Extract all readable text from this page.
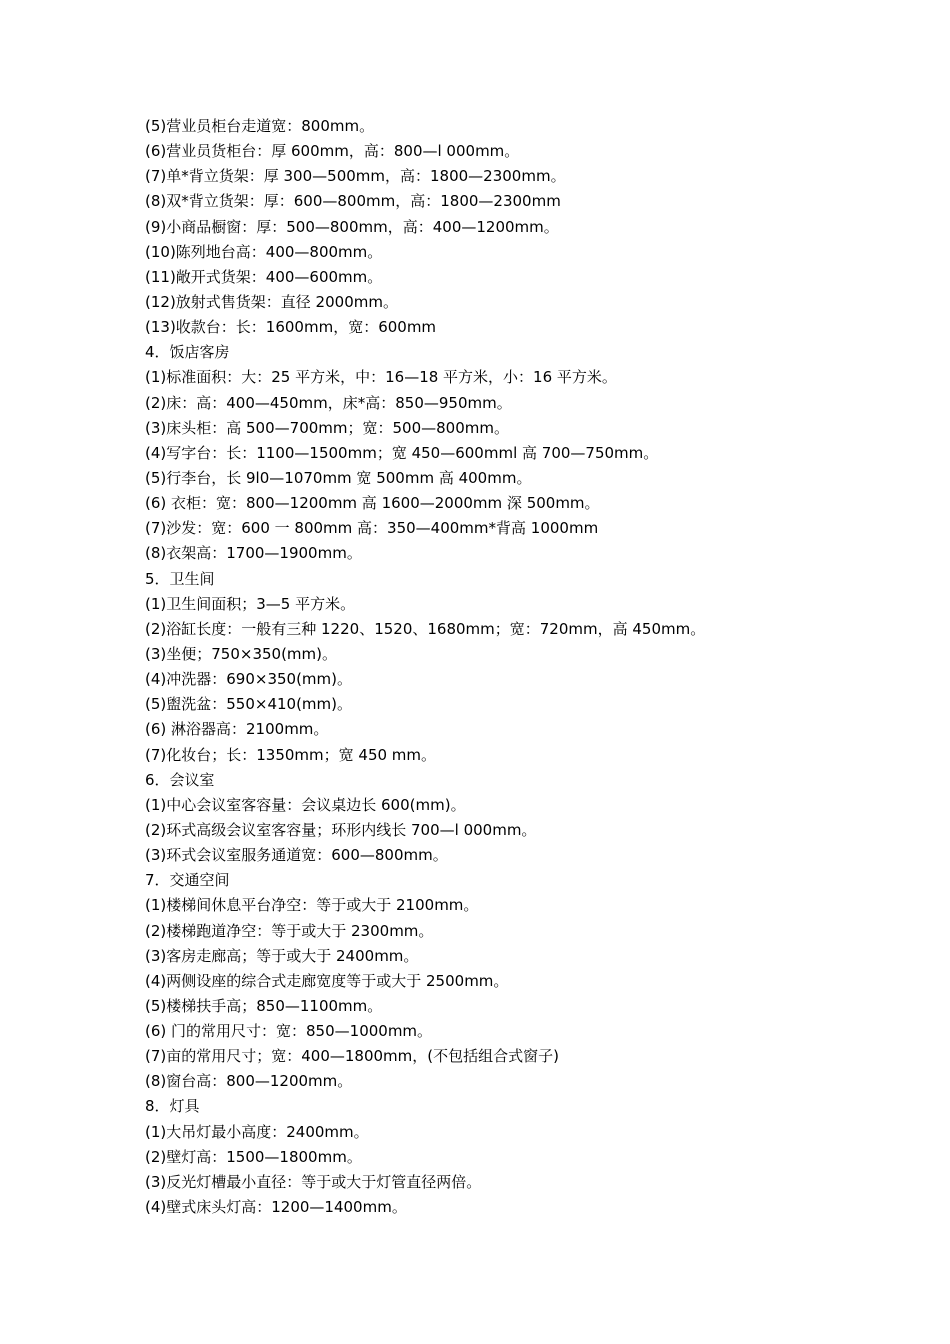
(5)营业员柜台走道宽：800mm。
(6)营业员货柜台：厚 600mm，高：800—l 000mm。
(7)单*背立货架：厚 300—500mm，高：1800—2300mm。
(8)双*背立货架：厚：600—800mm，高：1800—2300mm
(9)小商品橱窗：厚：500—800mm，高：400—1200mm。
(10)陈列地台高：400—800mm。
(11)敞开式货架：400—600mm。
(12)放射式售货架：直径 2000mm。
(13)收款台：长：1600mm，宽：600mm
4．饭店客房
(1)标准面积：大：25 平方米，中：16—18 平方米，小：16 平方米。
(2)床：高：400—450mm，床*高：850—950mm。
(3)床头柜：高 500—700mm；宽：500—800mm。
(4)写字台：长：1100—1500mm；宽 450—600mml 高 700—750mm。
(5)行李台，长 9l0—1070mm 宽 500mm 高 400mm。
(6) 衣柜：宽：800—1200mm 高 1600—2000mm 深 500mm。
(7)沙发：宽：600 一 800mm 高：350—400mm*背高 1000mm
(8)衣架高：1700—1900mm。
5．卫生间
(1)卫生间面积；3—5 平方米。
(2)浴缸长度：一般有三种 1220、1520、1680mm；宽：720mm，高 450mm。
(3)坐便；750×350(mm)。
(4)冲洗器：690×350(mm)。
(5)盥洗盆：550×410(mm)。
(6) 淋浴器高：2100mm。
(7)化妆台；长：1350mm；宽 450 mm。
6．会议室
(1)中心会议室客容量：会议桌边长 600(mm)。
(2)环式高级会议室客容量；环形内线长 700—l 000mm。
(3)环式会议室服务通道宽：600—800mm。
7．交通空间
(1)楼梯间休息平台净空：等于或大于 2100mm。
(2)楼梯跑道净空：等于或大于 2300mm。
(3)客房走廊高；等于或大于 2400mm。
(4)两侧设座的综合式走廊宽度等于或大于 2500mm。
(5)楼梯扶手高；850—1100mm。
(6) 门的常用尺寸：宽：850—1000mm。
(7)亩的常用尺寸；宽：400—1800mm，(不包括组合式窗子)
(8)窗台高：800—1200mm。
8．灯具
(1)大吊灯最小高度：2400mm。
(2)壁灯高：1500—1800mm。
(3)反光灯槽最小直径：等于或大于灯管直径两倍。
(4)壁式床头灯高：1200—1400mm。
